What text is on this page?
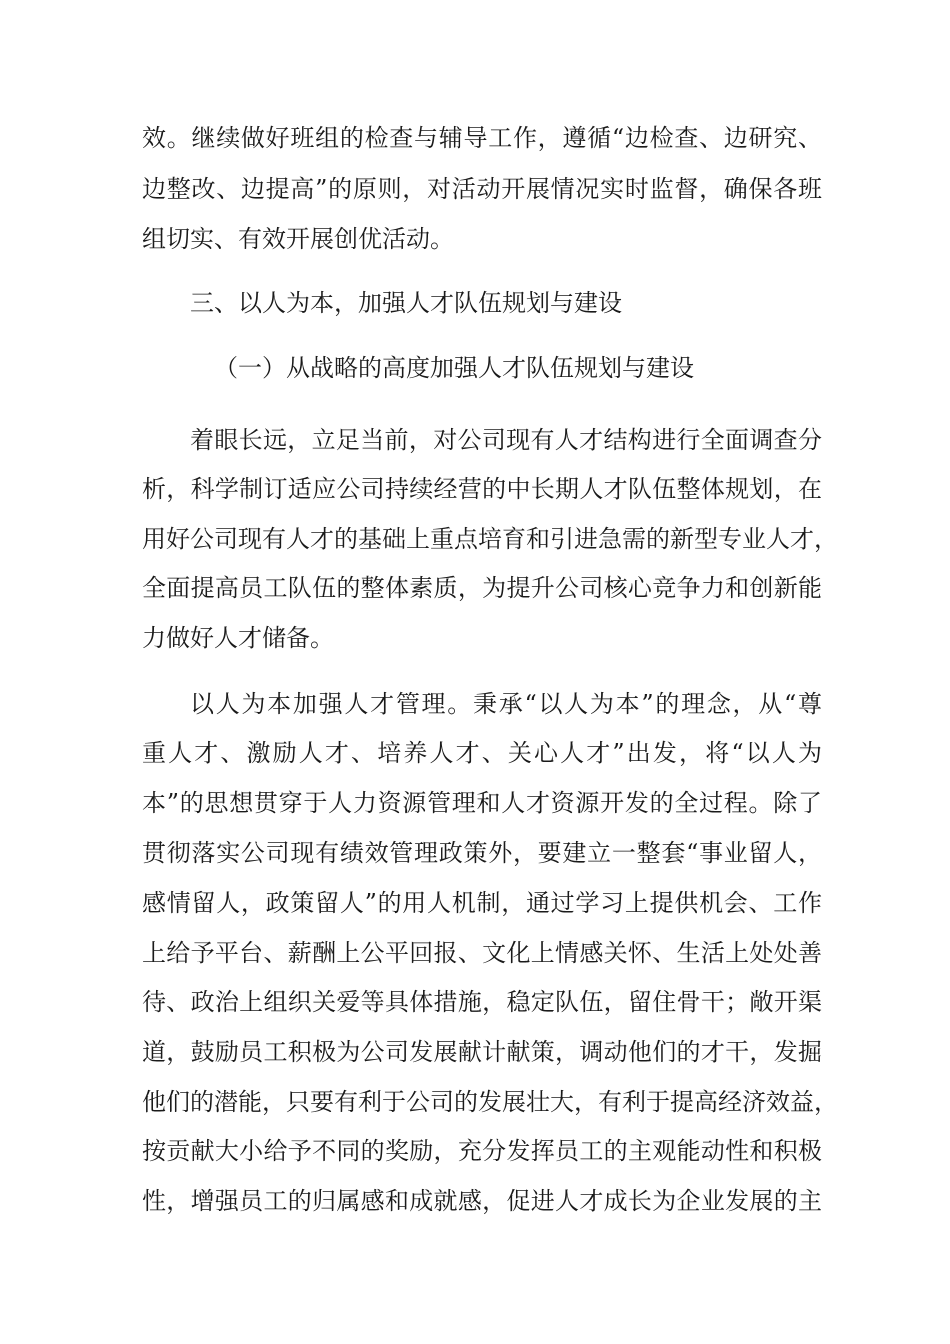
效。继续做好班组的检查与辅导工作，遵循“边检查、边研究、
边整改、边提高”的原则，对活动开展情况实时监督，确保各班
组切实、有效开展创优活动。
三、以人为本，加强人才队伍规划与建设
（一）从战略的高度加强人才队伍规划与建设
着眼长远，立足当前，对公司现有人才结构进行全面调查分
析，科学制订适应公司持续经营的中长期人才队伍整体规划，在
用好公司现有人才的基础上重点培育和引进急需的新型专业人才，
全面提高员工队伍的整体素质，为提升公司核心竞争力和创新能
力做好人才储备。
以人为本加强人才管理。秉承“以人为本”的理念，从“尊
重人才、激励人才、培养人才、关心人才”出发，将“以人为
本”的思想贯穿于人力资源管理和人才资源开发的全过程。除了
贯彻落实公司现有绩效管理政策外，要建立一整套“事业留人，
感情留人，政策留人”的用人机制，通过学习上提供机会、工作
上给予平台、薪酬上公平回报、文化上情感关怀、生活上处处善
待、政治上组织关爱等具体措施，稳定队伍，留住骨干；敞开渠
道，鼓励员工积极为公司发展献计献策，调动他们的才干，发掘
他们的潜能，只要有利于公司的发展壮大，有利于提高经济效益，
按贡献大小给予不同的奖励，充分发挥员工的主观能动性和积极
性，增强员工的归属感和成就感，促进人才成长为企业发展的主
